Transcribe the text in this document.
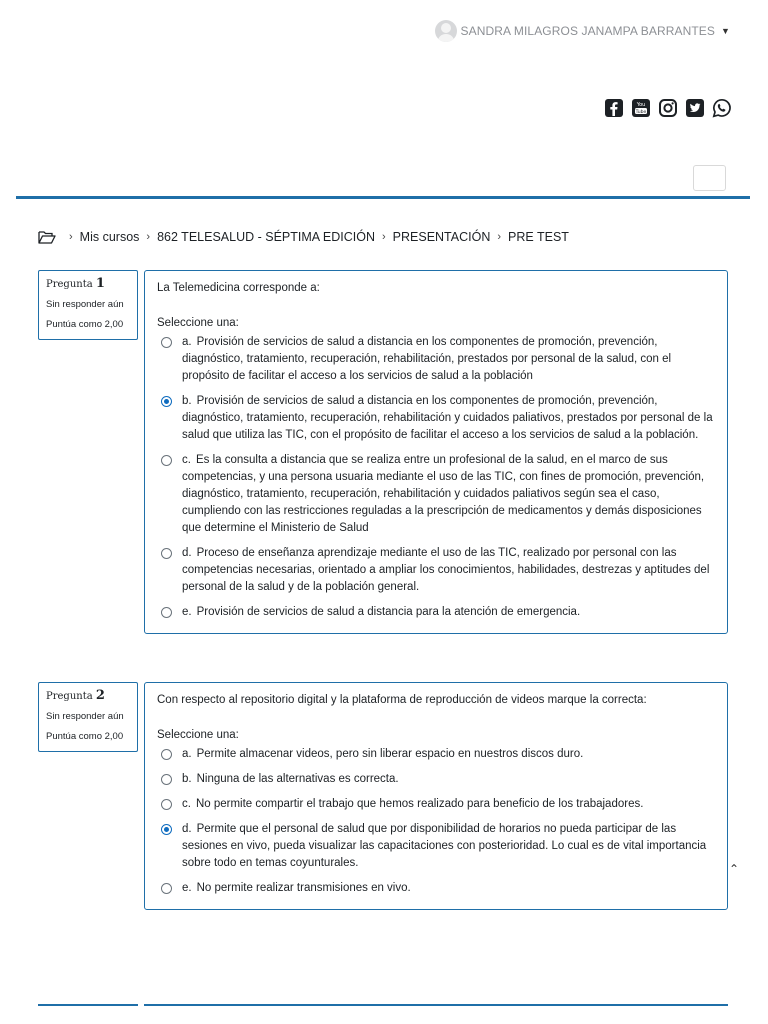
SANDRA MILAGROS JANAMPA BARRANTES ▼
You
Tube
› Mis cursos › 862 TELESALUD - SÉPTIMA EDICIÓN › PRESENTACIÓN › PRE TEST
Pregunta 1
Sin responder aún
Puntúa como 2,00
La Telemedicina corresponde a:
Seleccione una:
a. Provisión de servicios de salud a distancia en los componentes de promoción, prevención, diagnóstico, tratamiento, recuperación, rehabilitación, prestados por personal de la salud, con el propósito de facilitar el acceso a los servicios de salud a la población
b. Provisión de servicios de salud a distancia en los componentes de promoción, prevención, diagnóstico, tratamiento, recuperación, rehabilitación y cuidados paliativos, prestados por personal de la salud que utiliza las TIC, con el propósito de facilitar el acceso a los servicios de salud a la población.
c. Es la consulta a distancia que se realiza entre un profesional de la salud, en el marco de sus competencias, y una persona usuaria mediante el uso de las TIC, con fines de promoción, prevención, diagnóstico, tratamiento, recuperación, rehabilitación y cuidados paliativos según sea el caso, cumpliendo con las restricciones reguladas a la prescripción de medicamentos y demás disposiciones que determine el Ministerio de Salud
d. Proceso de enseñanza aprendizaje mediante el uso de las TIC, realizado por personal con las competencias necesarias, orientado a ampliar los conocimientos, habilidades, destrezas y aptitudes del personal de la salud y de la población general.
e. Provisión de servicios de salud a distancia para la atención de emergencia.
Pregunta 2
Sin responder aún
Puntúa como 2,00
Con respecto al repositorio digital y la plataforma de reproducción de videos marque la correcta:
Seleccione una:
a. Permite almacenar videos, pero sin liberar espacio en nuestros discos duro.
b. Ninguna de las alternativas es correcta.
c. No permite compartir el trabajo que hemos realizado para beneficio de los trabajadores.
d. Permite que el personal de salud que por disponibilidad de horarios no pueda participar de las sesiones en vivo, pueda visualizar las capacitaciones con posterioridad. Lo cual es de vital importancia sobre todo en temas coyunturales.
e. No permite realizar transmisiones en vivo.
⌃
